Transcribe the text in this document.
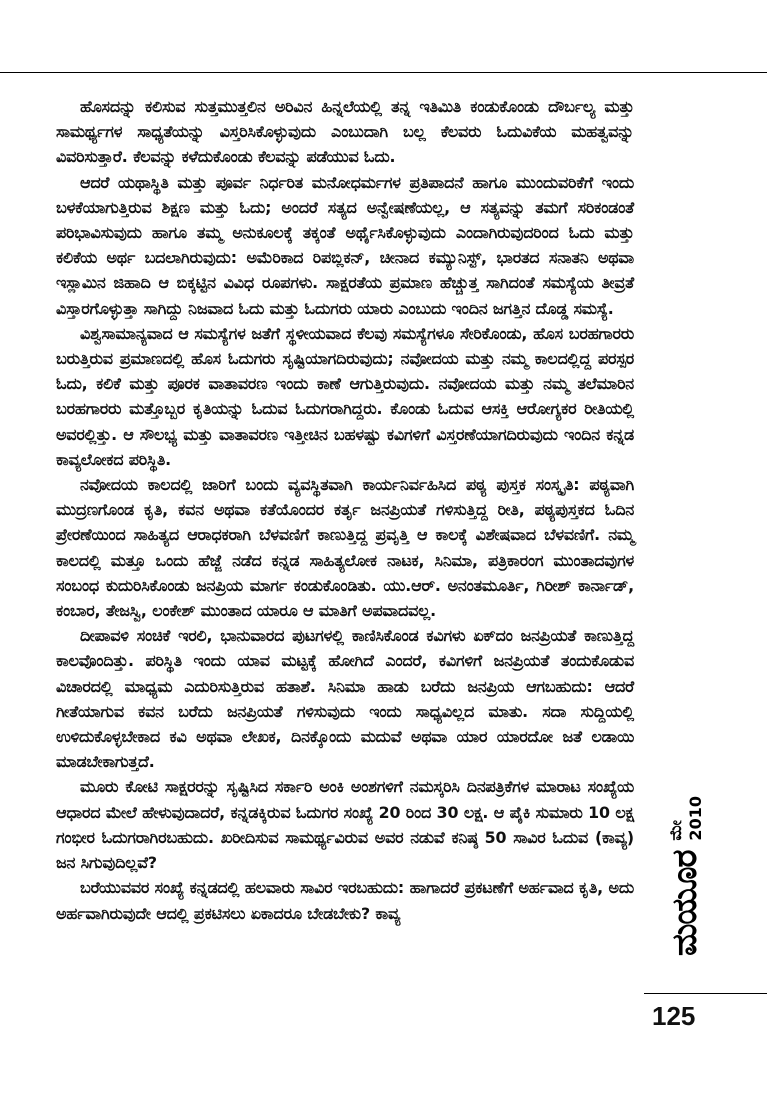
ಹೊಸದನ್ನು ಕಲಿಸುವ ಸುತ್ತಮುತ್ತಲಿನ ಅರಿವಿನ ಹಿನ್ನಲೆಯಲ್ಲಿ ತನ್ನ ಇತಿಮಿತಿ ಕಂಡುಕೊಂಡು ದೌರ್ಬಲ್ಯ ಮತ್ತು ಸಾಮರ್ಥ್ಯಗಳ ಸಾಧ್ಯತೆಯನ್ನು ವಿಸ್ತರಿಸಿಕೊಳ್ಳುವುದು ಎಂಬುದಾಗಿ ಬಲ್ಲ ಕೆಲವರು ಓದುವಿಕೆಯ ಮಹತ್ವವನ್ನು ವಿವರಿಸುತ್ತಾರೆ. ಕೆಲವನ್ನು ಕಳೆದುಕೊಂಡು ಕೆಲವನ್ನು ಪಡೆಯುವ ಓದು.

ಆದರೆ ಯಥಾಸ್ಥಿತಿ ಮತ್ತು ಪೂರ್ವ ನಿರ್ಧರಿತ ಮನೋಧರ್ಮಗಳ ಪ್ರತಿಪಾದನೆ ಹಾಗೂ ಮುಂದುವರಿಕೆಗೆ ಇಂದು ಬಳಕೆಯಾಗುತ್ತಿರುವ ಶಿಕ್ಷಣ ಮತ್ತು ಓದು; ಅಂದರೆ ಸತ್ಯದ ಅನ್ವೇಷಣೆಯಲ್ಲ, ಆ ಸತ್ಯವನ್ನು ತಮಗೆ ಸರಿಕಂಡಂತೆ ಪರಿಭಾವಿಸುವುದು ಹಾಗೂ ತಮ್ಮ ಅನುಕೂಲಕ್ಕೆ ತಕ್ಕಂತೆ ಅರ್ಥೈಸಿಕೊಳ್ಳುವುದು ಎಂದಾಗಿರುವುದರಿಂದ ಓದು ಮತ್ತು ಕಲಿಕೆಯ ಅರ್ಥ ಬದಲಾಗಿರುವುದು: ಅಮೆರಿಕಾದ ರಿಪಬ್ಲಿಕನ್, ಚೀನಾದ ಕಮ್ಯುನಿಸ್ಟ್, ಭಾರತದ ಸನಾತನಿ ಅಥವಾ ಇಸ್ಲಾಮಿನ ಜಿಹಾದಿ ಆ ಬಿಕ್ಕಟ್ಟಿನ ವಿವಿಧ ರೂಪಗಳು. ಸಾಕ್ಷರತೆಯ ಪ್ರಮಾಣ ಹೆಚ್ಚುತ್ತ ಸಾಗಿದಂತೆ ಸಮಸ್ಯೆಯ ತೀವ್ರತೆ ವಿಸ್ತಾರಗೊಳ್ಳುತ್ತಾ ಸಾಗಿದ್ದು ನಿಜವಾದ ಓದು ಮತ್ತು ಓದುಗರು ಯಾರು ಎಂಬುದು ಇಂದಿನ ಜಗತ್ತಿನ ದೊಡ್ಡ ಸಮಸ್ಯೆ.

ವಿಶ್ವಸಾಮಾನ್ಯವಾದ ಆ ಸಮಸ್ಯೆಗಳ ಜತೆಗೆ ಸ್ಥಳೀಯವಾದ ಕೆಲವು ಸಮಸ್ಯೆಗಳೂ ಸೇರಿಕೊಂಡು, ಹೊಸ ಬರಹಗಾರರು ಬರುತ್ತಿರುವ ಪ್ರಮಾಣದಲ್ಲಿ ಹೊಸ ಓದುಗರು ಸೃಷ್ಟಿಯಾಗದಿರುವುದು; ನವೋದಯ ಮತ್ತು ನಮ್ಮ ಕಾಲದಲ್ಲಿದ್ದ ಪರಸ್ಪರ ಓದು, ಕಲಿಕೆ ಮತ್ತು ಪೂರಕ ವಾತಾವರಣ ಇಂದು ಕಾಣೆ ಆಗುತ್ತಿರುವುದು. ನವೋದಯ ಮತ್ತು ನಮ್ಮ ತಲೆಮಾರಿನ ಬರಹಗಾರರು ಮತ್ತೊಬ್ಬರ ಕೃತಿಯನ್ನು ಓದುವ ಓದುಗರಾಗಿದ್ದರು. ಕೊಂಡು ಓದುವ ಆಸಕ್ತಿ ಆರೋಗ್ಯಕರ ರೀತಿಯಲ್ಲಿ ಅವರಲ್ಲಿತ್ತು. ಆ ಸೌಲಭ್ಯ ಮತ್ತು ವಾತಾವರಣ ಇತ್ತೀಚಿನ ಬಹಳಷ್ಟು ಕವಿಗಳಿಗೆ ವಿಸ್ತರಣೆಯಾಗದಿರುವುದು ಇಂದಿನ ಕನ್ನಡ ಕಾವ್ಯಲೋಕದ ಪರಿಸ್ಥಿತಿ.

ನವೋದಯ ಕಾಲದಲ್ಲಿ ಜಾರಿಗೆ ಬಂದು ವ್ಯವಸ್ಥಿತವಾಗಿ ಕಾರ್ಯನಿರ್ವಹಿಸಿದ ಪಠ್ಯ ಪುಸ್ತಕ ಸಂಸ್ಕೃತಿ: ಪಠ್ಯವಾಗಿ ಮುದ್ರಣಗೊಂಡ ಕೃತಿ, ಕವನ ಅಥವಾ ಕತೆಯೊಂದರ ಕರ್ತೃ ಜನಪ್ರಿಯತೆ ಗಳಿಸುತ್ತಿದ್ದ ರೀತಿ, ಪಠ್ಯಪುಸ್ತಕದ ಓದಿನ ಪ್ರೇರಣೆಯಿಂದ ಸಾಹಿತ್ಯದ ಆರಾಧಕರಾಗಿ ಬೆಳವಣಿಗೆ ಕಾಣುತ್ತಿದ್ದ ಪ್ರವೃತ್ತಿ ಆ ಕಾಲಕ್ಕೆ ವಿಶೇಷವಾದ ಬೆಳವಣಿಗೆ. ನಮ್ಮ ಕಾಲದಲ್ಲಿ ಮತ್ತೂ ಒಂದು ಹೆಜ್ಜೆ ನಡೆದ ಕನ್ನಡ ಸಾಹಿತ್ಯಲೋಕ ನಾಟಕ, ಸಿನಿಮಾ, ಪತ್ರಿಕಾರಂಗ ಮುಂತಾದವುಗಳ ಸಂಬಂಧ ಕುದುರಿಸಿಕೊಂಡು ಜನಪ್ರಿಯ ಮಾರ್ಗ ಕಂಡುಕೊಂಡಿತು. ಯು.ಆರ್. ಅನಂತಮೂರ್ತಿ, ಗಿರೀಶ್ ಕಾರ್ನಾಡ್, ಕಂಬಾರ, ತೇಜಸ್ವಿ, ಲಂಕೇಶ್ ಮುಂತಾದ ಯಾರೂ ಆ ಮಾತಿಗೆ ಅಪವಾದವಲ್ಲ.

ದೀಪಾವಳಿ ಸಂಚಿಕೆ ಇರಲಿ, ಭಾನುವಾರದ ಪುಟಗಳಲ್ಲಿ ಕಾಣಿಸಿಕೊಂಡ ಕವಿಗಳು ಏಕ್‌ದಂ ಜನಪ್ರಿಯತೆ ಕಾಣುತ್ತಿದ್ದ ಕಾಲವೊಂದಿತ್ತು. ಪರಿಸ್ಥಿತಿ ಇಂದು ಯಾವ ಮಟ್ಟಕ್ಕೆ ಹೋಗಿದೆ ಎಂದರೆ, ಕವಿಗಳಿಗೆ ಜನಪ್ರಿಯತೆ ತಂದುಕೊಡುವ ವಿಚಾರದಲ್ಲಿ ಮಾಧ್ಯಮ ಎದುರಿಸುತ್ತಿರುವ ಹತಾಶೆ. ಸಿನಿಮಾ ಹಾಡು ಬರೆದು ಜನಪ್ರಿಯ ಆಗಬಹುದು: ಆದರೆ ಗೀತೆಯಾಗುವ ಕವನ ಬರೆದು ಜನಪ್ರಿಯತೆ ಗಳಿಸುವುದು ಇಂದು ಸಾಧ್ಯವಿಲ್ಲದ ಮಾತು. ಸದಾ ಸುದ್ದಿಯಲ್ಲಿ ಉಳಿದುಕೊಳ್ಳಬೇಕಾದ ಕವಿ ಅಥವಾ ಲೇಖಕ, ದಿನಕ್ಕೊಂದು ಮದುವೆ ಅಥವಾ ಯಾರ ಯಾರದೋ ಜತೆ ಲಡಾಯಿ ಮಾಡಬೇಕಾಗುತ್ತದೆ.

ಮೂರು ಕೋಟಿ ಸಾಕ್ಷರರನ್ನು ಸೃಷ್ಟಿಸಿದ ಸರ್ಕಾರಿ ಅಂಕಿ ಅಂಶಗಳಿಗೆ ನಮಸ್ಕರಿಸಿ ದಿನಪತ್ರಿಕೆಗಳ ಮಾರಾಟ ಸಂಖ್ಯೆಯ ಆಧಾರದ ಮೇಲೆ ಹೇಳುವುದಾದರೆ, ಕನ್ನಡಕ್ಕಿರುವ ಓದುಗರ ಸಂಖ್ಯೆ 20 ರಿಂದ 30 ಲಕ್ಷ. ಆ ಪೈಕಿ ಸುಮಾರು 10 ಲಕ್ಷ ಗಂಭೀರ ಓದುಗರಾಗಿರಬಹುದು. ಖರೀದಿಸುವ ಸಾಮರ್ಥ್ಯವಿರುವ ಅವರ ನಡುವೆ ಕನಿಷ್ಠ 50 ಸಾವಿರ ಓದುವ (ಕಾವ್ಯ) ಜನ ಸಿಗುವುದಿಲ್ಲವೆ?

ಬರೆಯುವವರ ಸಂಖ್ಯೆ ಕನ್ನಡದಲ್ಲಿ ಹಲವಾರು ಸಾವಿರ ಇರಬಹುದು: ಹಾಗಾದರೆ ಪ್ರಕಟಣೆಗೆ ಅರ್ಹವಾದ ಕೃತಿ, ಅದು ಅರ್ಹವಾಗಿರುವುದೇ ಆದಲ್ಲಿ ಪ್ರಕಟಿಸಲು ಏಕಾದರೂ ಬೇಡಬೇಕು? ಕಾವ್ಯ	ಮಯೂರ
ಮೇ 2010
125
